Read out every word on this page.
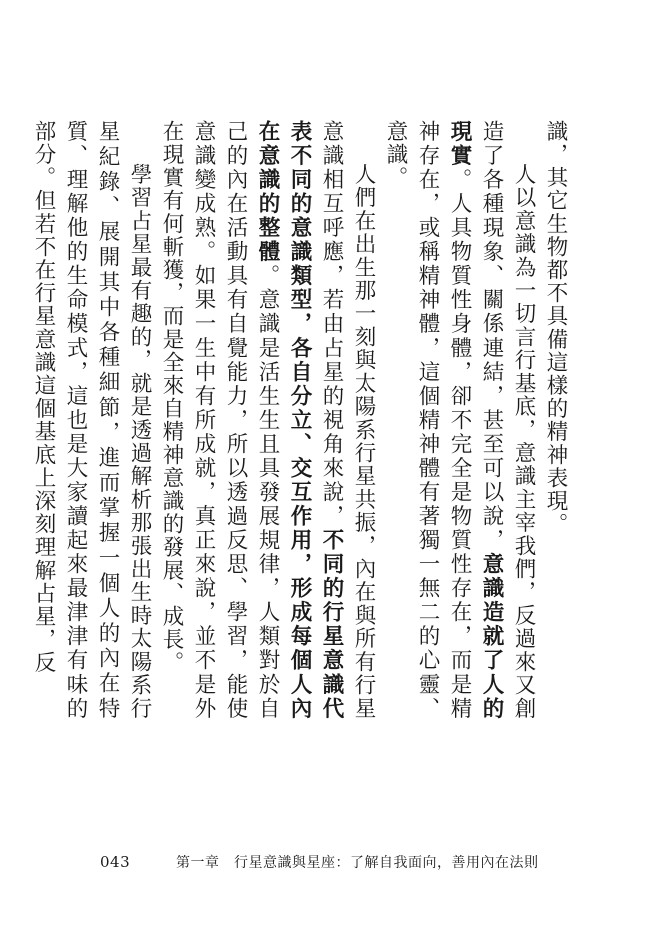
識，其它生物都不具備這樣的精神表現。

人以意識為一切言行基底，意識主宰我們，反過來又創造了各種現象、關係連結，甚至可以說，意識造就了人的現實。人具物質性身體，卻不完全是物質性存在，而是精神存在，或稱精神體，這個精神體有著獨一無二的心靈、意識。

人們在出生那一刻與太陽系行星共振，內在與所有行星意識相互呼應，若由占星的視角來說，不同的行星意識代表不同的意識類型，各自分立、交互作用，形成每個人內在意識的整體。意識是活生生且具發展規律，人類對於自己的內在活動具有自覺能力，所以透過反思、學習，能使意識變成熟。如果一生中有所成就，真正來說，並不是外在現實有何斬獲，而是全來自精神意識的發展、成長。

學習占星最有趣的，就是透過解析那張出生時太陽系行星紀錄、展開其中各種細節，進而掌握一個人的內在特質、理解他的生命模式，這也是大家讀起來最津津有味的部分。但若不在行星意識這個基底上深刻理解占星，反

043	第一章　行星意識與星座：了解自我面向，善用內在法則
